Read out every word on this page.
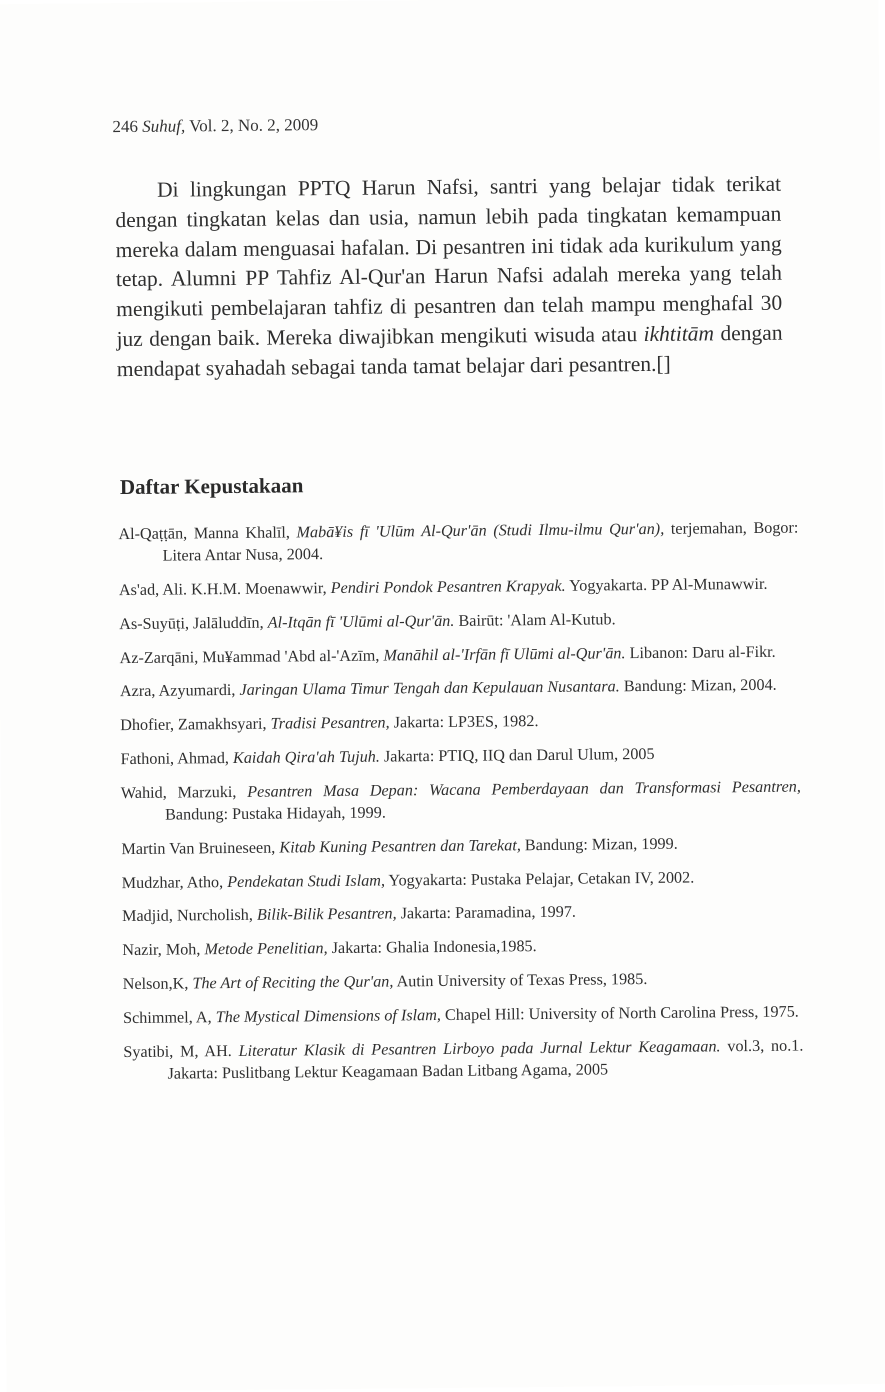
246 Suhuf, Vol. 2, No. 2, 2009

Di lingkungan PPTQ Harun Nafsi, santri yang belajar tidak terikat dengan tingkatan kelas dan usia, namun lebih pada tingkatan kemampuan mereka dalam menguasai hafalan. Di pesantren ini tidak ada kurikulum yang tetap. Alumni PP Tahfiz Al-Qur'an Harun Nafsi adalah mereka yang telah mengikuti pembelajaran tahfiz di pesantren dan telah mampu menghafal 30 juz dengan baik. Mereka diwajibkan mengikuti wisuda atau ikhtitām dengan mendapat syahadah sebagai tanda tamat belajar dari pesantren.[]

Daftar Kepustakaan
Al-Qaṭṭān, Manna Khalīl, Mabā¥is fī 'Ulūm Al-Qur'ān (Studi Ilmu-ilmu Qur'an), terjemahan, Bogor: Litera Antar Nusa, 2004.
As'ad, Ali. K.H.M. Moenawwir, Pendiri Pondok Pesantren Krapyak. Yogyakarta. PP Al-Munawwir.
As-Suyūṭi, Jalāluddīn, Al-Itqān fī 'Ulūmi al-Qur'ān. Bairūt: 'Alam Al-Kutub.
Az-Zarqāni, Mu¥ammad 'Abd al-'Azīm, Manāhil al-'Irfān fī Ulūmi al-Qur'ān. Libanon: Daru al-Fikr.
Azra, Azyumardi, Jaringan Ulama Timur Tengah dan Kepulauan Nusantara. Bandung: Mizan, 2004.
Dhofier, Zamakhsyari, Tradisi Pesantren, Jakarta: LP3ES, 1982.
Fathoni, Ahmad, Kaidah Qira'ah Tujuh. Jakarta: PTIQ, IIQ dan Darul Ulum, 2005
Wahid, Marzuki, Pesantren Masa Depan: Wacana Pemberdayaan dan Transformasi Pesantren, Bandung: Pustaka Hidayah, 1999.
Martin Van Bruineseen, Kitab Kuning Pesantren dan Tarekat, Bandung: Mizan, 1999.
Mudzhar, Atho, Pendekatan Studi Islam, Yogyakarta: Pustaka Pelajar, Cetakan IV, 2002.
Madjid, Nurcholish, Bilik-Bilik Pesantren, Jakarta: Paramadina, 1997.
Nazir, Moh, Metode Penelitian, Jakarta: Ghalia Indonesia,1985.
Nelson,K, The Art of Reciting the Qur'an, Autin University of Texas Press, 1985.
Schimmel, A, The Mystical Dimensions of Islam, Chapel Hill: University of North Carolina Press, 1975.
Syatibi, M, AH. Literatur Klasik di Pesantren Lirboyo pada Jurnal Lektur Keagamaan. vol.3, no.1. Jakarta: Puslitbang Lektur Keagamaan Badan Litbang Agama, 2005
